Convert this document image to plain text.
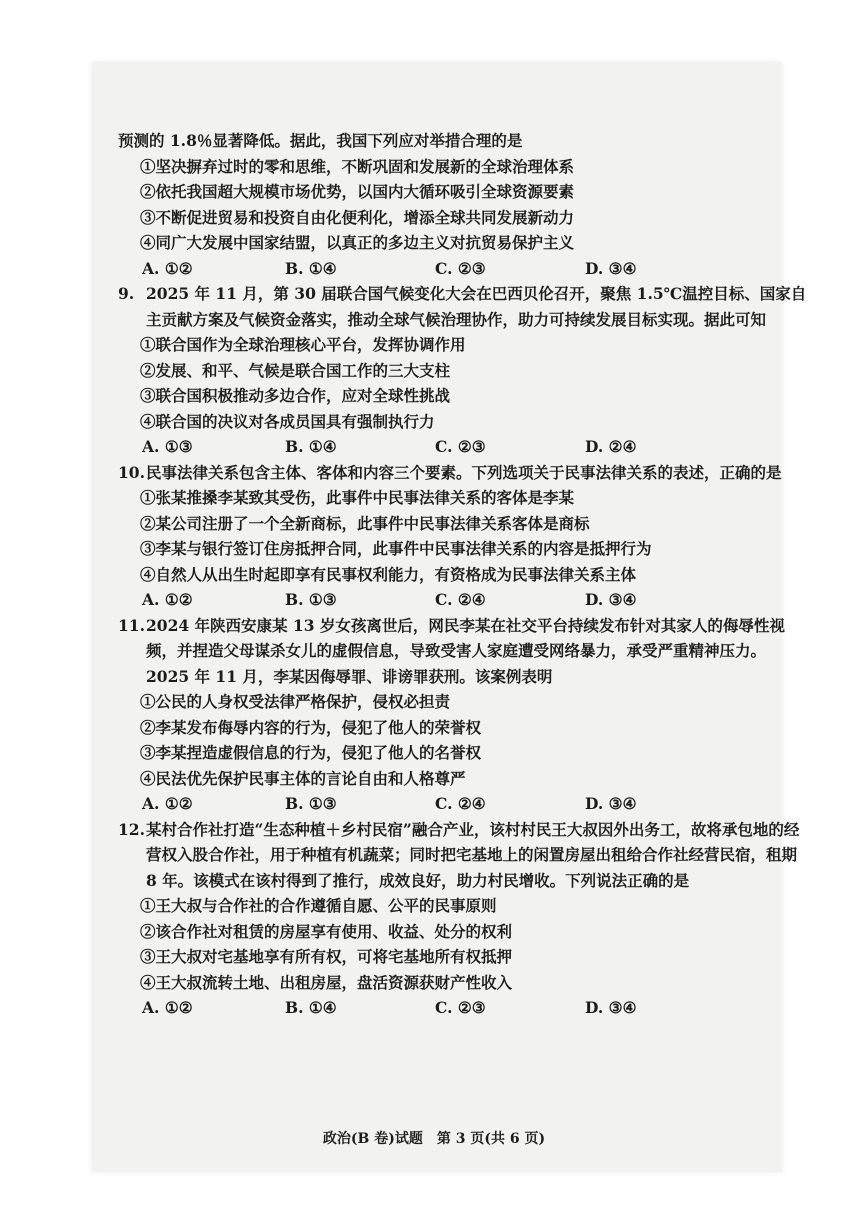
预测的 1.8％显著降低。据此，我国下列应对举措合理的是
①坚决摒弃过时的零和思维，不断巩固和发展新的全球治理体系
②依托我国超大规模市场优势，以国内大循环吸引全球资源要素
③不断促进贸易和投资自由化便利化，增添全球共同发展新动力
④同广大发展中国家结盟，以真正的多边主义对抗贸易保护主义
A. ①②	B. ①④	C. ②③	D. ③④
9. 2025 年 11 月，第 30 届联合国气候变化大会在巴西贝伦召开，聚焦 1.5℃温控目标、国家自主贡献方案及气候资金落实，推动全球气候治理协作，助力可持续发展目标实现。据此可知
①联合国作为全球治理核心平台，发挥协调作用
②发展、和平、气候是联合国工作的三大支柱
③联合国积极推动多边合作，应对全球性挑战
④联合国的决议对各成员国具有强制执行力
A. ①③	B. ①④	C. ②③	D. ②④
10.民事法律关系包含主体、客体和内容三个要素。下列选项关于民事法律关系的表述，正确的是
①张某推搡李某致其受伤，此事件中民事法律关系的客体是李某
②某公司注册了一个全新商标，此事件中民事法律关系客体是商标
③李某与银行签订住房抵押合同，此事件中民事法律关系的内容是抵押行为
④自然人从出生时起即享有民事权利能力，有资格成为民事法律关系主体
A. ①②	B. ①③	C. ②④	D. ③④
11.2024 年陕西安康某 13 岁女孩离世后，网民李某在社交平台持续发布针对其家人的侮辱性视频，并捏造父母谋杀女儿的虚假信息，导致受害人家庭遭受网络暴力，承受严重精神压力。2025 年 11 月，李某因侮辱罪、诽谤罪获刑。该案例表明
①公民的人身权受法律严格保护，侵权必担责
②李某发布侮辱内容的行为，侵犯了他人的荣誉权
③李某捏造虚假信息的行为，侵犯了他人的名誉权
④民法优先保护民事主体的言论自由和人格尊严
A. ①②	B. ①③	C. ②④	D. ③④
12.某村合作社打造“生态种植＋乡村民宿”融合产业，该村村民王大叔因外出务工，故将承包地的经营权入股合作社，用于种植有机蔬菜；同时把宅基地上的闲置房屋出租给合作社经营民宿，租期 8 年。该模式在该村得到了推行，成效良好，助力村民增收。下列说法正确的是
①王大叔与合作社的合作遵循自愿、公平的民事原则
②该合作社对租赁的房屋享有使用、收益、处分的权利
③王大叔对宅基地享有所有权，可将宅基地所有权抵押
④王大叔流转土地、出租房屋，盘活资源获财产性收入
A. ①②	B. ①④	C. ②③	D. ③④
政治(B 卷)试题　第 3 页(共 6 页)
